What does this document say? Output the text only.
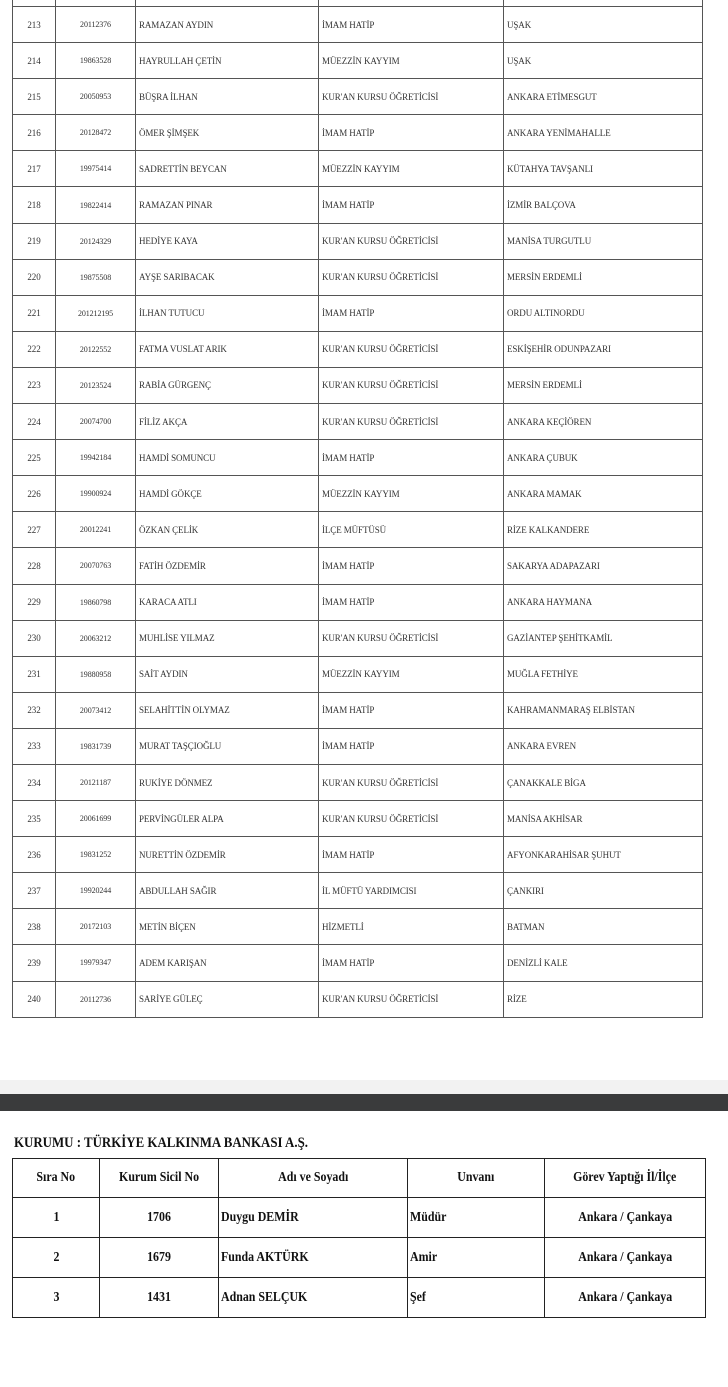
213	20112376	RAMAZAN AYDIN	İMAM HATİP	UŞAK
214	19863528	HAYRULLAH ÇETİN	MÜEZZİN KAYYIM	UŞAK
215	20050953	BÜŞRA İLHAN	KUR'AN KURSU ÖĞRETİCİSİ	ANKARA ETİMESGUT
216	20128472	ÖMER ŞİMŞEK	İMAM HATİP	ANKARA YENİMAHALLE
217	19975414	SADRETTİN BEYCAN	MÜEZZİN KAYYIM	KÜTAHYA TAVŞANLI
218	19822414	RAMAZAN PINAR	İMAM HATİP	İZMİR BALÇOVA
219	20124329	HEDİYE KAYA	KUR'AN KURSU ÖĞRETİCİSİ	MANİSA TURGUTLU
220	19875508	AYŞE SARIBACAK	KUR'AN KURSU ÖĞRETİCİSİ	MERSİN ERDEMLİ
221	201212195	İLHAN TUTUCU	İMAM HATİP	ORDU ALTINORDU
222	20122552	FATMA VUSLAT ARIK	KUR'AN KURSU ÖĞRETİCİSİ	ESKİŞEHİR ODUNPAZARI
223	20123524	RABİA GÜRGENÇ	KUR'AN KURSU ÖĞRETİCİSİ	MERSİN ERDEMLİ
224	20074700	FİLİZ AKÇA	KUR'AN KURSU ÖĞRETİCİSİ	ANKARA KEÇİÖREN
225	19942184	HAMDİ SOMUNCU	İMAM HATİP	ANKARA ÇUBUK
226	19900924	HAMDİ GÖKÇE	MÜEZZİN KAYYIM	ANKARA MAMAK
227	20012241	ÖZKAN ÇELİK	İLÇE MÜFTÜSÜ	RİZE KALKANDERE
228	20070763	FATİH ÖZDEMİR	İMAM HATİP	SAKARYA ADAPAZARI
229	19860798	KARACA ATLI	İMAM HATİP	ANKARA HAYMANA
230	20063212	MUHLİSE YILMAZ	KUR'AN KURSU ÖĞRETİCİSİ	GAZİANTEP ŞEHİTKAMİL
231	19880958	SAİT AYDIN	MÜEZZİN KAYYIM	MUĞLA FETHİYE
232	20073412	SELAHİTTİN OLYMAZ	İMAM HATİP	KAHRAMANMARAŞ ELBİSTAN
233	19831739	MURAT TAŞÇIOĞLU	İMAM HATİP	ANKARA EVREN
234	20121187	RUKİYE DÖNMEZ	KUR'AN KURSU ÖĞRETİCİSİ	ÇANAKKALE BİGA
235	20061699	PERVİNGÜLER ALPA	KUR'AN KURSU ÖĞRETİCİSİ	MANİSA AKHİSAR
236	19831252	NURETTİN ÖZDEMİR	İMAM HATİP	AFYONKARAHİSAR ŞUHUT
237	19920244	ABDULLAH SAĞIR	İL MÜFTÜ YARDIMCISI	ÇANKIRI
238	20172103	METİN BİÇEN	HİZMETLİ	BATMAN
239	19979347	ADEM KARIŞAN	İMAM HATİP	DENİZLİ KALE
240	20112736	SARİYE GÜLEÇ	KUR'AN KURSU ÖĞRETİCİSİ	RİZE
KURUMU : TÜRKİYE KALKINMA BANKASI A.Ş.
Sıra No	Kurum Sicil No	Adı ve Soyadı	Unvanı	Görev Yaptığı İl/İlçe
1	1706	Duygu DEMİR	Müdür	Ankara / Çankaya
2	1679	Funda AKTÜRK	Amir	Ankara / Çankaya
3	1431	Adnan SELÇUK	Şef	Ankara / Çankaya
